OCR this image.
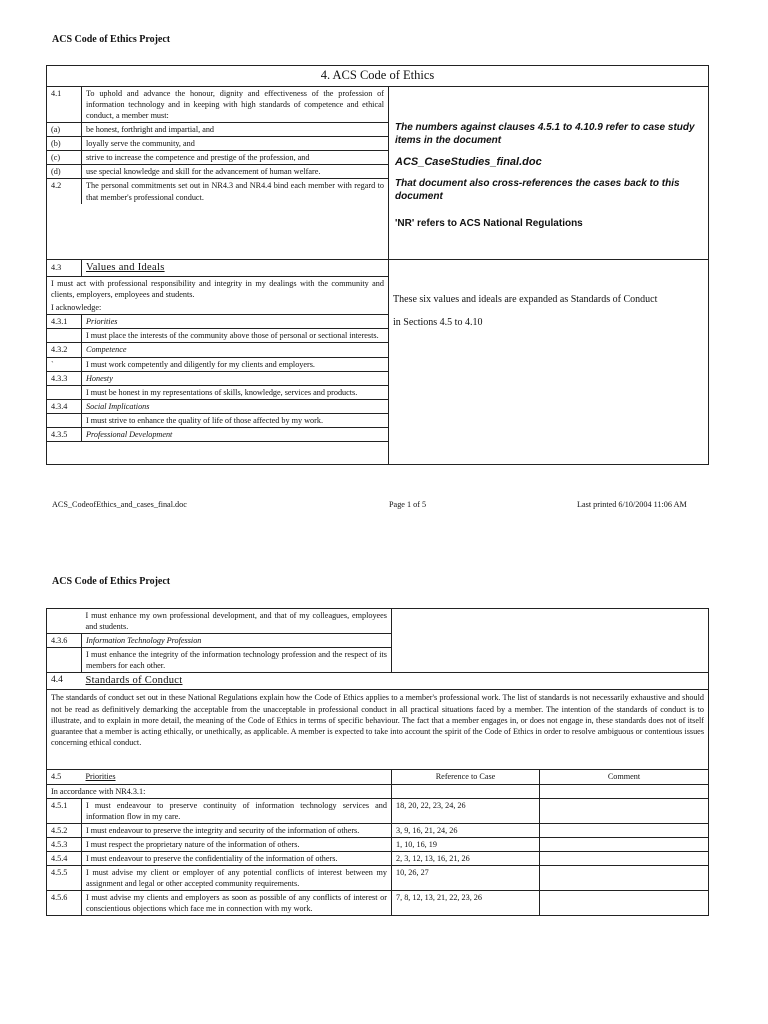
ACS Code of Ethics Project
4. ACS Code of Ethics

4.1	To uphold and advance the honour, dignity and effectiveness of the profession of information technology and in keeping with high standards of competence and ethical conduct, a member must:
(a)	be honest, forthright and impartial, and
(b)	loyally serve the community, and
(c)	strive to increase the competence and prestige of the profession, and
(d)	use special knowledge and skill for the advancement of human welfare.
4.2	The personal commitments set out in NR4.3 and NR4.4 bind each member with regard to that member's professional conduct.

The numbers against clauses 4.5.1 to 4.10.9 refer to case study items in the document

ACS_CaseStudies_final.doc

That document also cross-references the cases back to this document

'NR' refers to ACS National Regulations

4.3	Values and Ideals

I must act with professional responsibility and integrity in my dealings with the community and clients, employers, employees and students.
I acknowledge:

4.3.1	Priorities
	I must place the interests of the community above those of personal or sectional interests.
4.3.2	Competence
`	I must work competently and diligently for my clients and employers.
4.3.3	Honesty
	I must be honest in my representations of skills, knowledge, services and products.
4.3.4	Social Implications
	I must strive to enhance the quality of life of those affected by my work.
4.3.5	Professional Development

These six values and ideals are expanded as Standards of Conduct

in Sections 4.5 to 4.10

ACS_CodeofEthics_and_cases_final.doc	Page 1 of 5	Last printed 6/10/2004 11:06 AM
ACS Code of Ethics Project
	I must enhance my own professional development, and that of my colleagues, employees and students.		
4.3.6	Information Technology Profession		
	I must enhance the integrity of the information technology profession and the respect of its members for each other.		
4.4	Standards of Conduct		
The standards of conduct set out in these National Regulations explain how the Code of Ethics applies to a member's professional work. The list of standards is not necessarily exhaustive and should not be read as definitively demarking the acceptable from the unacceptable in professional conduct in all practical situations faced by a member. The intention of the standards of conduct is to illustrate, and to explain in more detail, the meaning of the Code of Ethics in terms of specific behaviour. The fact that a member engages in, or does not engage in, these standards does not of itself guarantee that a member is acting ethically, or unethically, as applicable. A member is expected to take into account the spirit of the Code of Ethics in order to resolve ambiguous or contentious issues concerning ethical conduct.			
4.5	Priorities	Reference to Case	Comment
In accordance with NR4.3.1:			
4.5.1	I must endeavour to preserve continuity of information technology services and information flow in my care.	18, 20, 22, 23, 24, 26	
4.5.2	I must endeavour to preserve the integrity and security of the information of others.	3, 9, 16, 21, 24, 26	
4.5.3	I must respect the proprietary nature of the information of others.	1, 10, 16, 19	
4.5.4	I must endeavour to preserve the confidentiality of the information of others.	2, 3, 12, 13, 16, 21, 26	
4.5.5	I must advise my client or employer of any potential conflicts of interest between my assignment and legal or other accepted community requirements.	10, 26, 27	
4.5.6	I must advise my clients and employers as soon as possible of any conflicts of interest or conscientious objections which face me in connection with my work.	7, 8, 12, 13, 21, 22, 23, 26	
